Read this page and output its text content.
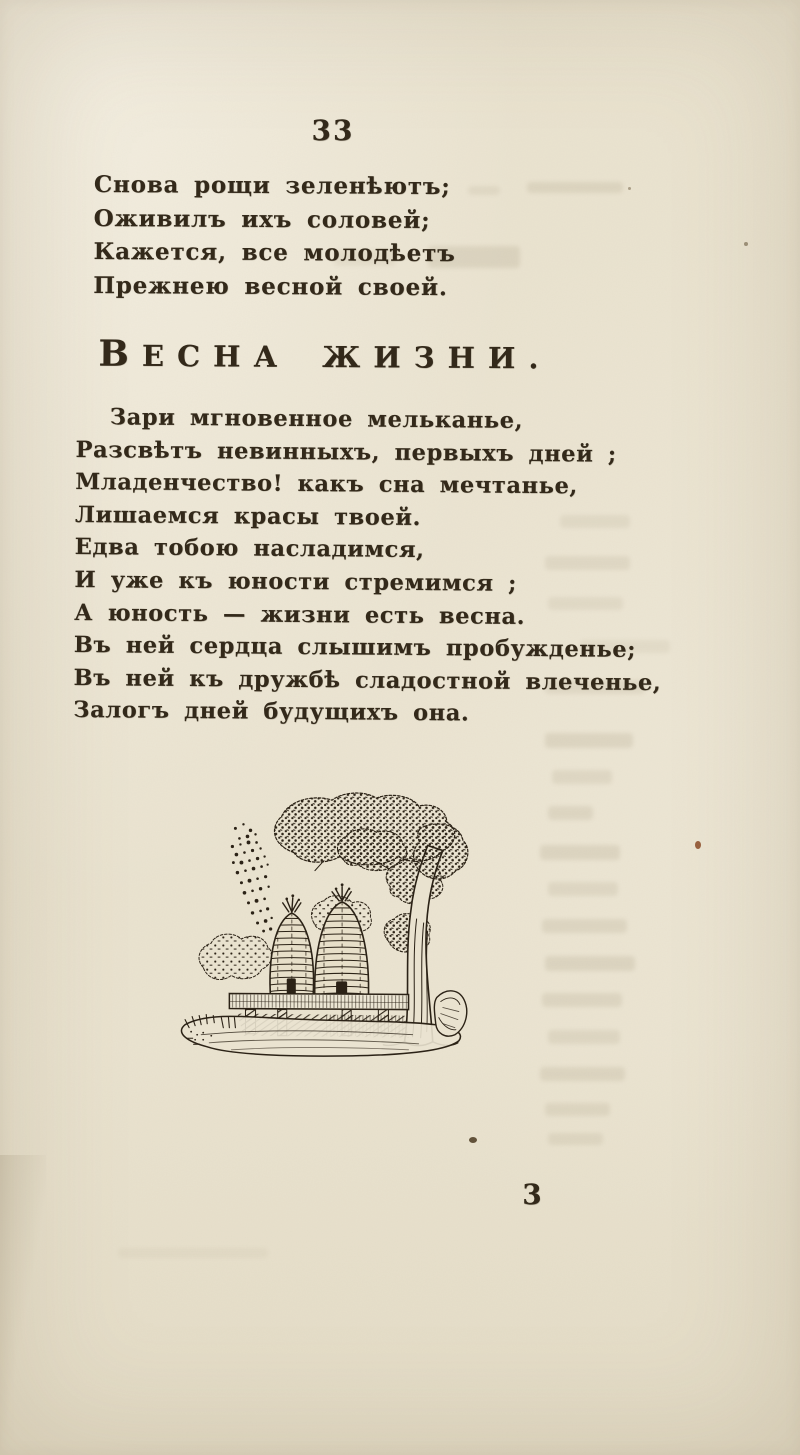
33
Снова рощи зеленѣютъ;
Оживилъ ихъ соловей;
Кажется, все молодѣетъ
Прежнею весной своей.
ВЕСНА ЖИЗНИ.
Зари мгновенное мельканье,
Разсвѣтъ невинныхъ, первыхъ дней ;
Младенчество! какъ сна мечтанье,
Лишаемся красы твоей.
Едва тобою насладимся,
И уже къ юности стремимся ;
А юность — жизни есть весна.
Въ ней сердца слышимъ пробужденье;
Въ ней къ дружбѣ сладостной влеченье,
Залогъ дней будущихъ она.
3
